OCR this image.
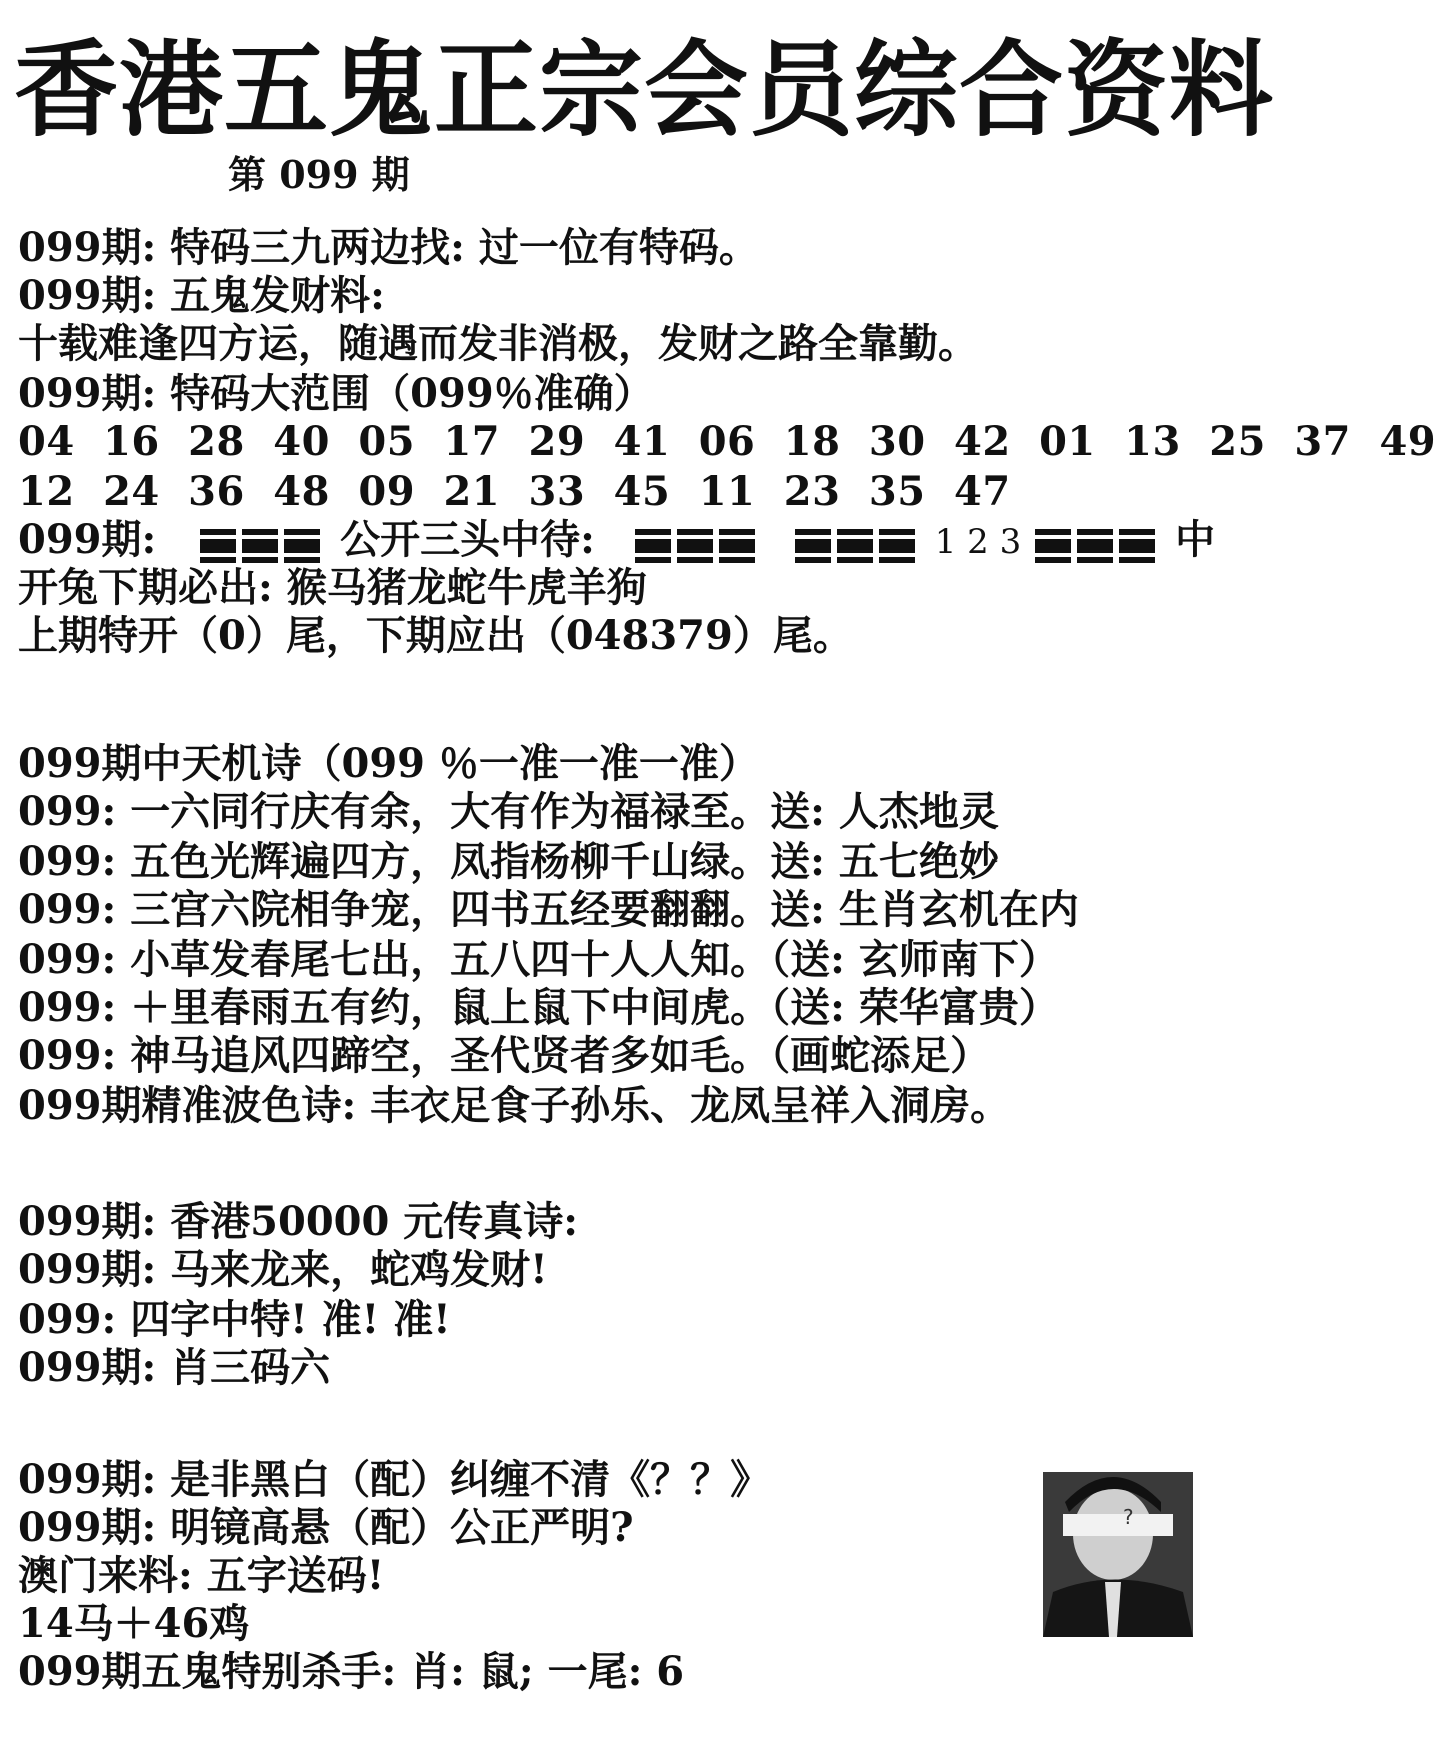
香港五鬼正宗会员综合资料
第 099 期
099期: 特码三九两边找: 过一位有特码。
099期: 五鬼发财料:
十载难逢四方运，随遇而发非消极，发财之路全靠勤。
099期: 特码大范围（099％准确）
04 16 28 40 05 17 29 41 06 18 30 42 01 13 25 37 49
12 24 36 48 09 21 33 45 11 23 35 47
099期:	公开三头中待:	1 2 3	中
开兔下期必出: 猴马猪龙蛇牛虎羊狗
上期特开（0）尾，下期应出（048379）尾。
099期中天机诗（099 ％一准一准一准）
099: 一六同行庆有余，大有作为福禄至。送: 人杰地灵
099: 五色光辉遍四方，凤指杨柳千山绿。送: 五七绝妙
099: 三宫六院相争宠，四书五经要翻翻。送: 生肖玄机在内
099: 小草发春尾七出，五八四十人人知。（送: 玄师南下）
099: ＋里春雨五有约，鼠上鼠下中间虎。（送: 荣华富贵）
099: 神马追风四蹄空，圣代贤者多如毛。（画蛇添足）
099期精准波色诗: 丰衣足食子孙乐、龙凤呈祥入洞房。
099期: 香港50000 元传真诗:
099期: 马来龙来，蛇鸡发财!
099: 四字中特! 准! 准!
099期: 肖三码六
099期: 是非黑白（配）纠缠不清《？？》
099期: 明镜高悬（配）公正严明?
澳门来料: 五字送码!
14马＋46鸡
099期五鬼特别杀手: 肖: 鼠; 一尾: 6
?
